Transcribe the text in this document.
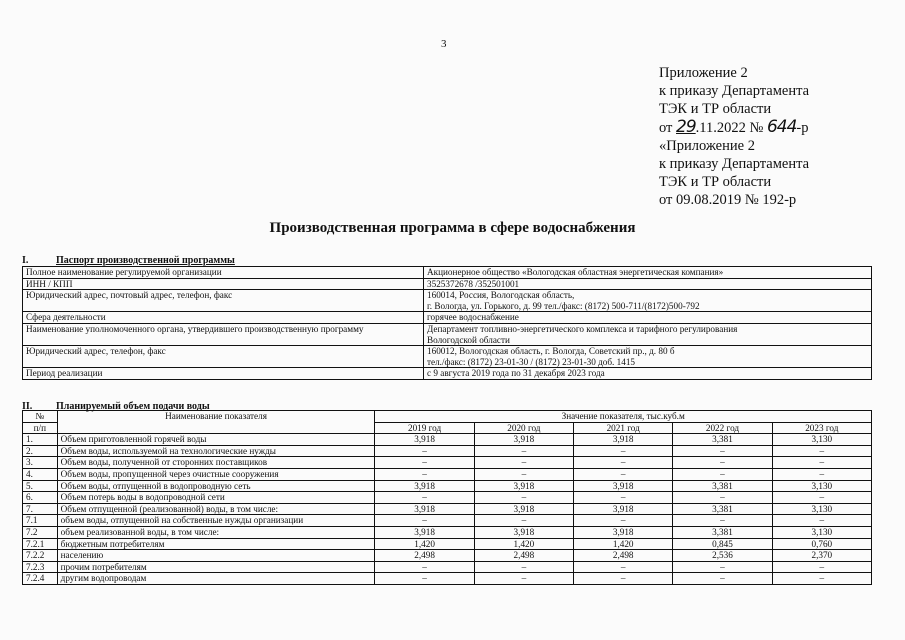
3
Приложение 2
к приказу Департамента
ТЭК и ТР области
от 29.11.2022 № 644-р
«Приложение 2
к приказу Департамента
ТЭК и ТР области
от 09.08.2019 № 192-р
Производственная программа в сфере водоснабжения
I.	Паспорт производственной программы
Полное наименование регулируемой организации	Акционерное общество «Вологодская областная энергетическая компания»

ИНН / КПП	3525372678 /352501001

Юридический адрес, почтовый адрес, телефон, факс	160014, Россия, Вологодская область,
г. Вологда, ул. Горького, д. 99 тел./факс: (8172) 500-711/(8172)500-792

Сфера деятельности	горячее водоснабжение

Наименование уполномоченного органа, утвердившего производственную программу	Департамент топливно-энергетического комплекса и тарифного регулирования
Вологодской области

Юридический адрес, телефон, факс	160012, Вологодская область, г. Вологда, Советский пр., д. 80 б
тел./факс: (8172) 23-01-30 / (8172) 23-01-30 доб. 1415

Период реализации	с 9 августа 2019 года по 31 декабря 2023 года
II. Планируемый объем подачи воды
№	Наименование показателя	Значение показателя, тыс.куб.м				
п/п		2019 год	2020 год	2021 год	2022 год	2023 год
1.	Объем приготовленной горячей воды	3,918	3,918	3,918	3,381	3,130
2.	Объем воды, используемой на технологические нужды	–	–	–	–	–
3.	Объем воды, полученной от сторонних поставщиков	–	–	–	–	–
4.	Объем воды, пропущенной через очистные сооружения	–	–	–	–	–
5.	Объем воды, отпущенной в водопроводную сеть	3,918	3,918	3,918	3,381	3,130
6.	Объем потерь воды в водопроводной сети	–	–	–	–	–
7.	Объем отпущенной (реализованной) воды, в том числе:	3,918	3,918	3,918	3,381	3,130
7.1	объем воды, отпущенной на собственные нужды организации	–	–	–	–	–
7.2	объем реализованной воды, в том числе:	3,918	3,918	3,918	3,381	3,130
7.2.1	бюджетным потребителям	1,420	1,420	1,420	0,845	0,760
7.2.2	населению	2,498	2,498	2,498	2,536	2,370
7.2.3	прочим потребителям	–	–	–	–	–
7.2.4	другим водопроводам	–	–	–	–	–
